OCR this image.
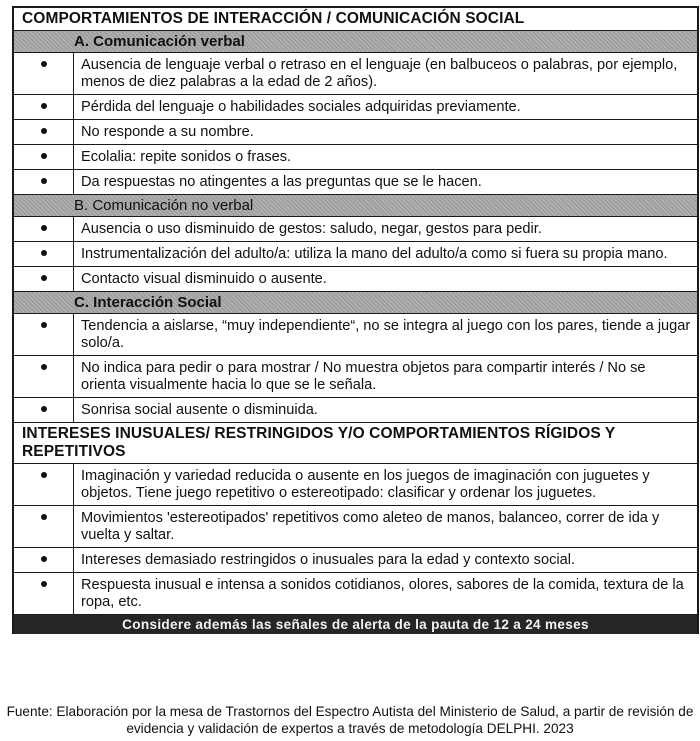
COMPORTAMIENTOS DE INTERACCIÓN / COMUNICACIÓN SOCIAL
A. Comunicación verbal
Ausencia de lenguaje verbal o retraso en el lenguaje (en balbuceos o palabras, por ejemplo, menos de diez palabras a la edad de 2 años).
Pérdida del lenguaje o habilidades sociales adquiridas previamente.
No responde a su nombre.
Ecolalia: repite sonidos o frases.
Da respuestas no atingentes a las preguntas que se le hacen.
B. Comunicación no verbal
Ausencia o uso disminuido de gestos: saludo, negar, gestos para pedir.
Instrumentalización del adulto/a: utiliza la mano del adulto/a como si fuera su propia mano.
Contacto visual disminuido o ausente.
C. Interacción Social
Tendencia a aislarse, “muy independiente“, no se integra al juego con los pares, tiende a jugar solo/a.
No indica para pedir o para mostrar / No muestra objetos para compartir interés / No se orienta visualmente hacia lo que se le señala.
Sonrisa social ausente o disminuida.
INTERESES INUSUALES/ RESTRINGIDOS Y/O COMPORTAMIENTOS RÍGIDOS Y REPETITIVOS
Imaginación y variedad reducida o ausente en los juegos de imaginación con juguetes y objetos. Tiene juego repetitivo o estereotipado: clasificar y ordenar los juguetes.
Movimientos 'estereotipados' repetitivos como aleteo de manos, balanceo, correr de ida y vuelta y saltar.
Intereses demasiado restringidos o inusuales para la edad y contexto social.
Respuesta inusual e intensa a sonidos cotidianos, olores, sabores de la comida, textura de la ropa, etc.
Considere además las señales de alerta de la pauta de 12 a 24 meses
Fuente: Elaboración por la mesa de Trastornos del Espectro Autista del Ministerio de Salud, a partir de revisión de evidencia y validación de expertos a través de metodología DELPHI. 2023
